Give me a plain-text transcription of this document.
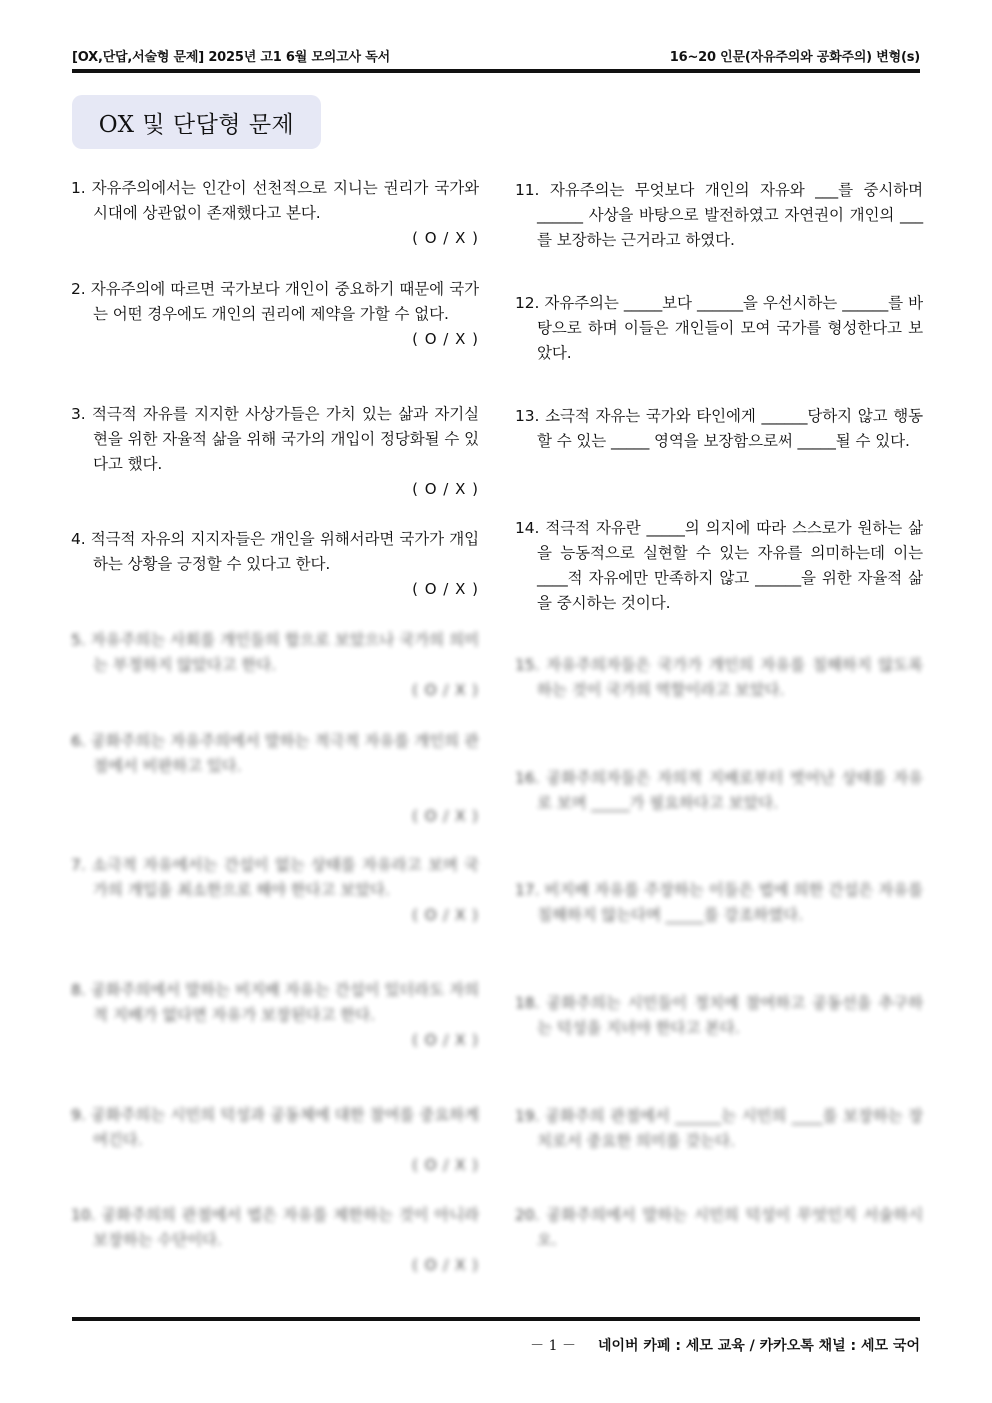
[OX,단답,서술형 문제] 2025년 고1 6월 모의고사 독서	16~20 인문(자유주의와 공화주의) 변형(s)
OX 및 단답형 문제
1. 자유주의에서는 인간이 선천적으로 지니는 권리가 국가와 시대에 상관없이 존재했다고 본다.
( O / X )
2. 자유주의에 따르면 국가보다 개인이 중요하기 때문에 국가는 어떤 경우에도 개인의 권리에 제약을 가할 수 없다.
( O / X )
3. 적극적 자유를 지지한 사상가들은 가치 있는 삶과 자기실현을 위한 자율적 삶을 위해 국가의 개입이 정당화될 수 있다고 했다.
( O / X )
4. 적극적 자유의 지지자들은 개인을 위해서라면 국가가 개입하는 상황을 긍정할 수 있다고 한다.
( O / X )
11. 자유주의는 무엇보다 개인의 자유와 ___를 중시하며 ______ 사상을 바탕으로 발전하였고 자연권이 개인의 ___를 보장하는 근거라고 하였다.
12. 자유주의는 _____보다 ______을 우선시하는 ______를 바탕으로 하며 이들은 개인들이 모여 국가를 형성한다고 보았다.
13. 소극적 자유는 국가와 타인에게 ______당하지 않고 행동할 수 있는 _____ 영역을 보장함으로써 _____될 수 있다.
14. 적극적 자유란 _____의 의지에 따라 스스로가 원하는 삶을 능동적으로 실현할 수 있는 자유를 의미하는데 이는 ____적 자유에만 만족하지 않고 ______을 위한 자율적 삶을 중시하는 것이다.
5. 자유주의는 사회를 개인들의 합으로 보았으나 국가의 의미는 부정하지 않았다고 한다.
( O / X )
6. 공화주의는 자유주의에서 말하는 적극적 자유를 개인의 관점에서 비판하고 있다.
( O / X )
7. 소극적 자유에서는 간섭이 없는 상태를 자유라고 보며 국가의 개입을 최소한으로 해야 한다고 보았다.
( O / X )
8. 공화주의에서 말하는 비지배 자유는 간섭이 있더라도 자의적 지배가 없다면 자유가 보장된다고 한다.
( O / X )
9. 공화주의는 시민의 덕성과 공동체에 대한 참여를 중요하게 여긴다.
( O / X )
10. 공화주의의 관점에서 법은 자유를 제한하는 것이 아니라 보장하는 수단이다.
( O / X )
15. 자유주의자들은 국가가 개인의 자유를 침해하지 않도록 하는 것이 국가의 역할이라고 보았다.
16. 공화주의자들은 자의적 지배로부터 벗어난 상태를 자유로 보며 _____가 필요하다고 보았다.
17. 비지배 자유를 주장하는 이들은 법에 의한 간섭은 자유를 침해하지 않는다며 _____를 강조하였다.
18. 공화주의는 시민들이 정치에 참여하고 공동선을 추구하는 덕성을 지녀야 한다고 본다.
19. 공화주의 관점에서 ______는 시민의 ____를 보장하는 장치로서 중요한 의미를 갖는다.
20. 공화주의에서 말하는 시민의 덕성이 무엇인지 서술하시오.
－ 1 － 네이버 카페 : 세모 교육 / 카카오톡 채널 : 세모 국어
